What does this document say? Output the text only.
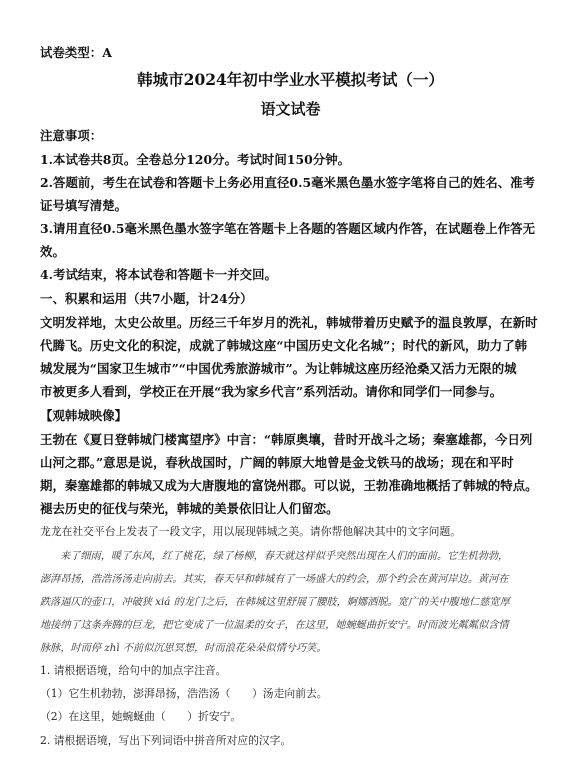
试卷类型：A
韩城市2024年初中学业水平模拟考试（一）
语文试卷
注意事项：
1.本试卷共8页。全卷总分120分。考试时间150分钟。
2.答题前，考生在试卷和答题卡上务必用直径0.5毫米黑色墨水签字笔将自己的姓名、准考
证号填写清楚。
3.请用直径0.5毫米黑色墨水签字笔在答题卡上各题的答题区域内作答，在试题卷上作答无
效。
4.考试结束，将本试卷和答题卡一并交回。
一、积累和运用（共7小题，计24分）
文明发祥地，太史公故里。历经三千年岁月的洗礼，韩城带着历史赋予的温良敦厚，在新时
代腾飞。历史文化的积淀，成就了韩城这座“中国历史文化名城”；时代的新风，助力了韩
城发展为“国家卫生城市”“中国优秀旅游城市”。为让韩城这座历经沧桑又活力无限的城
市被更多人看到，学校正在开展“我为家乡代言”系列活动。请你和同学们一同参与。
【观韩城映像】
王勃在《夏日登韩城门楼寓望序》中言：“韩原奥壤，昔时开战斗之场；秦塞雄都，今日列
山河之郡。”意思是说，春秋战国时，广阔的韩原大地曾是金戈铁马的战场；现在和平时
期，秦塞雄都的韩城又成为大唐腹地的富饶州郡。可以说，王勃准确地概括了韩城的特点。
褪去历史的征伐与荣光，韩城的美景依旧让人们留恋。
龙龙在社交平台上发表了一段文字，用以展现韩城之美。请你帮他解决其中的文字问题。
来了细雨，暖了东风，红了桃花，绿了杨柳，春天就这样似乎突然出现在人们的面前。它生机勃勃，
澎湃昂扬，浩浩汤汤走向前去。其实，春天早和韩城有了一场盛大的约会，那个约会在黄河岸边。黄河在
跌落逼仄的壶口，冲破狭 xiá 的龙门之后，在韩城这里舒展了腰肢，婀娜洒脱。宽广的关中腹地仁慈宽厚
地接纳了这条奔腾的巨龙，把它变成了一位温柔的女子，在这里，她蜿蜒曲折安宁。时而波光粼粼似含情
脉脉，时而停 zhì 不前似沉思冥想，时而浪花朵朵似情兮巧笑。
1. 请根据语境，给句中的加点字注音。
（1）它生机勃勃，澎湃昂扬，浩浩汤（　　）汤走向前去。
（2）在这里，她蜿蜒曲（　　）折安宁。
2. 请根据语境，写出下列词语中拼音所对应的汉字。
